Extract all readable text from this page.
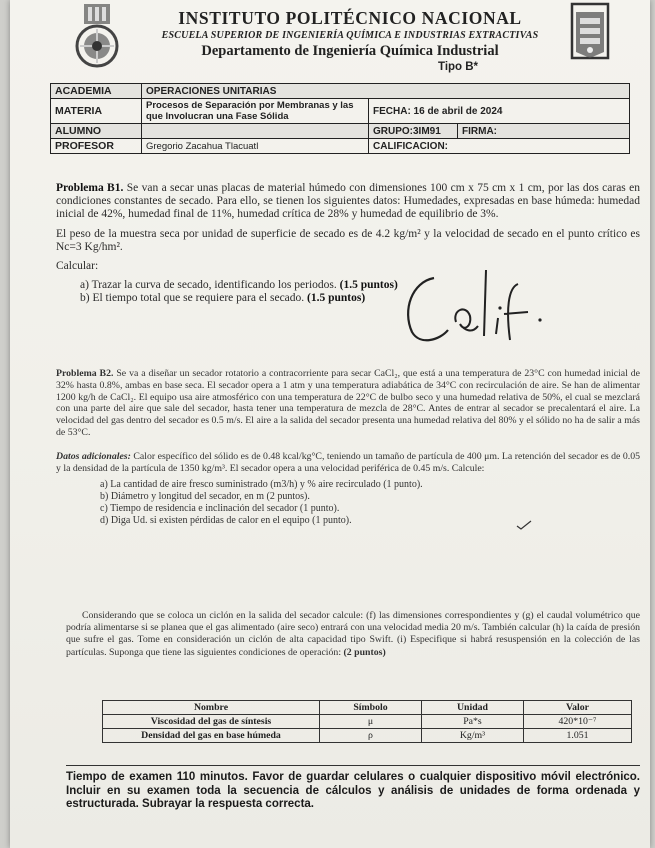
INSTITUTO POLITÉCNICO NACIONAL
ESCUELA SUPERIOR DE INGENIERÍA QUÍMICA E INDUSTRIAS EXTRACTIVAS
Departamento de Ingeniería Química Industrial
Tipo B*
ACADEMIA	OPERACIONES UNITARIAS		
MATERIA	Procesos de Separación por Membranas y las que Involucran una Fase Sólida	FECHA: 16 de abril de 2024	
ALUMNO		GRUPO:3IM91	FIRMA:
PROFESOR	Gregorio Zacahua Tlacuatl	CALIFICACION:	

Problema B1. Se van a secar unas placas de material húmedo con dimensiones 100 cm x 75 cm x 1 cm, por las dos caras en condiciones constantes de secado. Para ello, se tienen los siguientes datos: Humedades, expresadas en base húmeda: humedad inicial de 42%, humedad final de 11%, humedad crítica de 28% y humedad de equilibrio de 3%.

El peso de la muestra seca por unidad de superficie de secado es de 4.2 kg/m² y la velocidad de secado en el punto crítico es Nc=3 Kg/hm².

Calcular:

a) Trazar la curva de secado, identificando los periodos. (1.5 puntos)
b) El tiempo total que se requiere para el secado. (1.5 puntos)

Problema B2. Se va a diseñar un secador rotatorio a contracorriente para secar CaCl₂, que está a una temperatura de 23°C con humedad inicial de 32% hasta 0.8%, ambas en base seca. El secador opera a 1 atm y una temperatura adiabática de 34°C con recirculación de aire. Se han de alimentar 1200 kg/h de CaCl₂. El equipo usa aire atmosférico con una temperatura de 22°C de bulbo seco y una humedad relativa de 50%, el cual se mezclará con una parte del aire que sale del secador, hasta tener una temperatura de mezcla de 28°C. Antes de entrar al secador se precalentará el aire. La velocidad del gas dentro del secador es 0.5 m/s. El aire a la salida del secador presenta una humedad relativa del 80% y el sólido no ha de salir a más de 53°C.

Datos adicionales: Calor específico del sólido es de 0.48 kcal/kg°C, teniendo un tamaño de partícula de 400 μm. La retención del secador es de 0.05 y la densidad de la partícula de 1350 kg/m³. El secador opera a una velocidad periférica de 0.45 m/s. Calcule:

a) La cantidad de aire fresco suministrado (m3/h) y % aire recirculado (1 punto).
b) Diámetro y longitud del secador, en m (2 puntos).
c) Tiempo de residencia e inclinación del secador (1 punto).
d) Diga Ud. si existen pérdidas de calor en el equipo (1 punto).
Considerando que se coloca un ciclón en la salida del secador calcule: (f) las dimensiones correspondientes y (g) el caudal volumétrico que podría alimentarse si se planea que el gas alimentado (aire seco) entrará con una velocidad media 20 m/s. También calcular (h) la caída de presión que sufre el gas. Tome en consideración un ciclón de alta capacidad tipo Swift. (i) Especifique si habrá resuspensión en la colección de las partículas. Suponga que tiene las siguientes condiciones de operación: (2 puntos)
Nombre	Símbolo	Unidad	Valor
Viscosidad del gas de síntesis	μ	Pa*s	420*10⁻⁷
Densidad del gas en base húmeda	ρ	Kg/m³	1.051
Tiempo de examen 110 minutos. Favor de guardar celulares o cualquier dispositivo móvil electrónico. Incluir en su examen toda la secuencia de cálculos y análisis de unidades de forma ordenada y estructurada. Subrayar la respuesta correcta.
